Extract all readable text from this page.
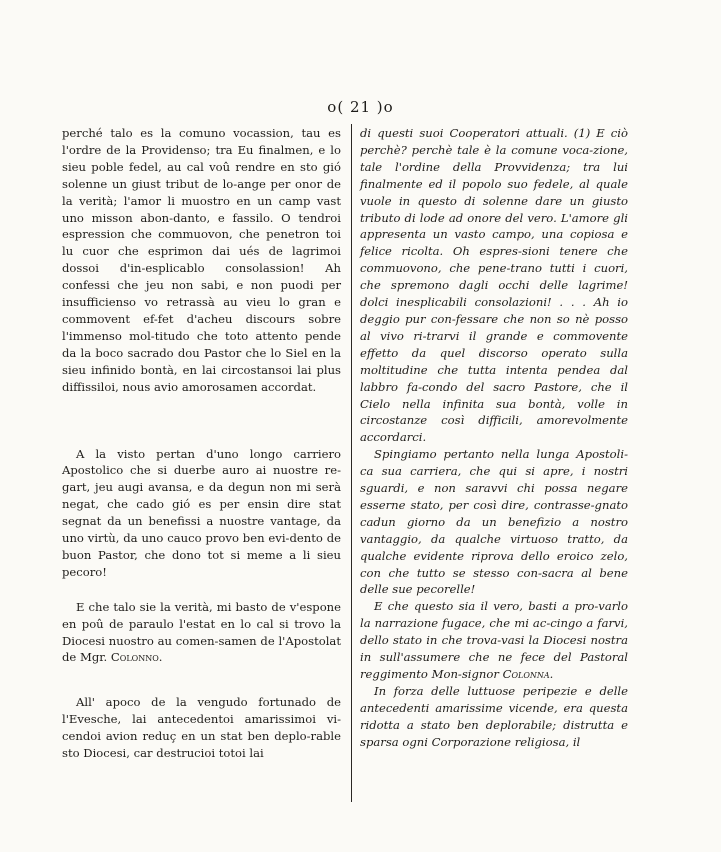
o( 21 )o

perché talo es la comuno vocassion, tau es l'ordre de la Providenso; tra Eu finalmen, e lo sieu poble fedel, au cal voû rendre en sto gió solenne un giust tribut de lo-ange per onor de la verità; l'amor li muostro en un camp vast uno misson abon-danto, e fassilo. O tendroi espression che commuovon, che penetron toi lu cuor che esprimon dai ués de lagrimoi dossoi d'in-esplicablo consolassion! Ah confessi che jeu non sabi, e non puodi per insufficienso vo retrassà au vieu lo gran e commovent ef-fet d'acheu discours sobre l'immenso mol-titudo che toto attento pende da la boco sacrado dou Pastor che lo Siel en la sieu infinido bontà, en lai circostansoi lai plus diffissiloi, nous avio amorosamen accordat.

A la visto pertan d'uno longo carriero Apostolico che si duerbe auro ai nuostre re-gart, jeu augi avansa, e da degun non mi serà negat, che cado gió es per ensin dire stat segnat da un benefissi a nuostre vantage, da uno virtù, da uno cauco provo ben evi-dento de buon Pastor, che dono tot si meme a li sieu pecoro!

E che talo sie la verità, mi basto de v'espone en poû de paraulo l'estat en lo cal si trovo la Diocesi nuostro au comen-samen de l'Apostolat de Mgr. Colonno.

All' apoco de la vengudo fortunado de l'Evesche, lai antecedentoi amarissimoi vi-cendoi avion reduç en un stat ben deplo-rable sto Diocesi, car destrucioi totoi lai

di questi suoi Cooperatori attuali. (1) E ciò perchè? perchè tale è la comune voca-zione, tale l'ordine della Provvidenza; tra lui finalmente ed il popolo suo fedele, al quale vuole in questo di solenne dare un giusto tributo di lode ad onore del vero. L'amore gli appresenta un vasto campo, una copiosa e felice ricolta. Oh espres-sioni tenere che commuovono, che pene-trano tutti i cuori, che spremono dagli occhi delle lagrime! dolci inesplicabili consolazioni! . . . Ah io deggio pur con-fessare che non so nè posso al vivo ri-trarvi il grande e commovente effetto da quel discorso operato sulla moltitudine che tutta intenta pendea dal labbro fa-condo del sacro Pastore, che il Cielo nella infinita sua bontà, volle in circostanze così difficili, amorevolmente accordarci.

Spingiamo pertanto nella lunga Apostoli-ca sua carriera, che qui si apre, i nostri sguardi, e non saravvi chi possa negare esserne stato, per così dire, contrasse-gnato cadun giorno da un benefizio a nostro vantaggio, da qualche virtuoso tratto, da qualche evidente riprova dello eroico zelo, con che tutto se stesso con-sacra al bene delle sue pecorelle!

E che questo sia il vero, basti a pro-varlo la narrazione fugace, che mi ac-cingo a farvi, dello stato in che trova-vasi la Diocesi nostra in sull'assumere che ne fece del Pastoral reggimento Mon-signor Colonna.

In forza delle luttuose peripezie e delle antecedenti amarissime vicende, era questa ridotta a stato ben deplorabile; distrutta e sparsa ogni Corporazione religiosa, il
